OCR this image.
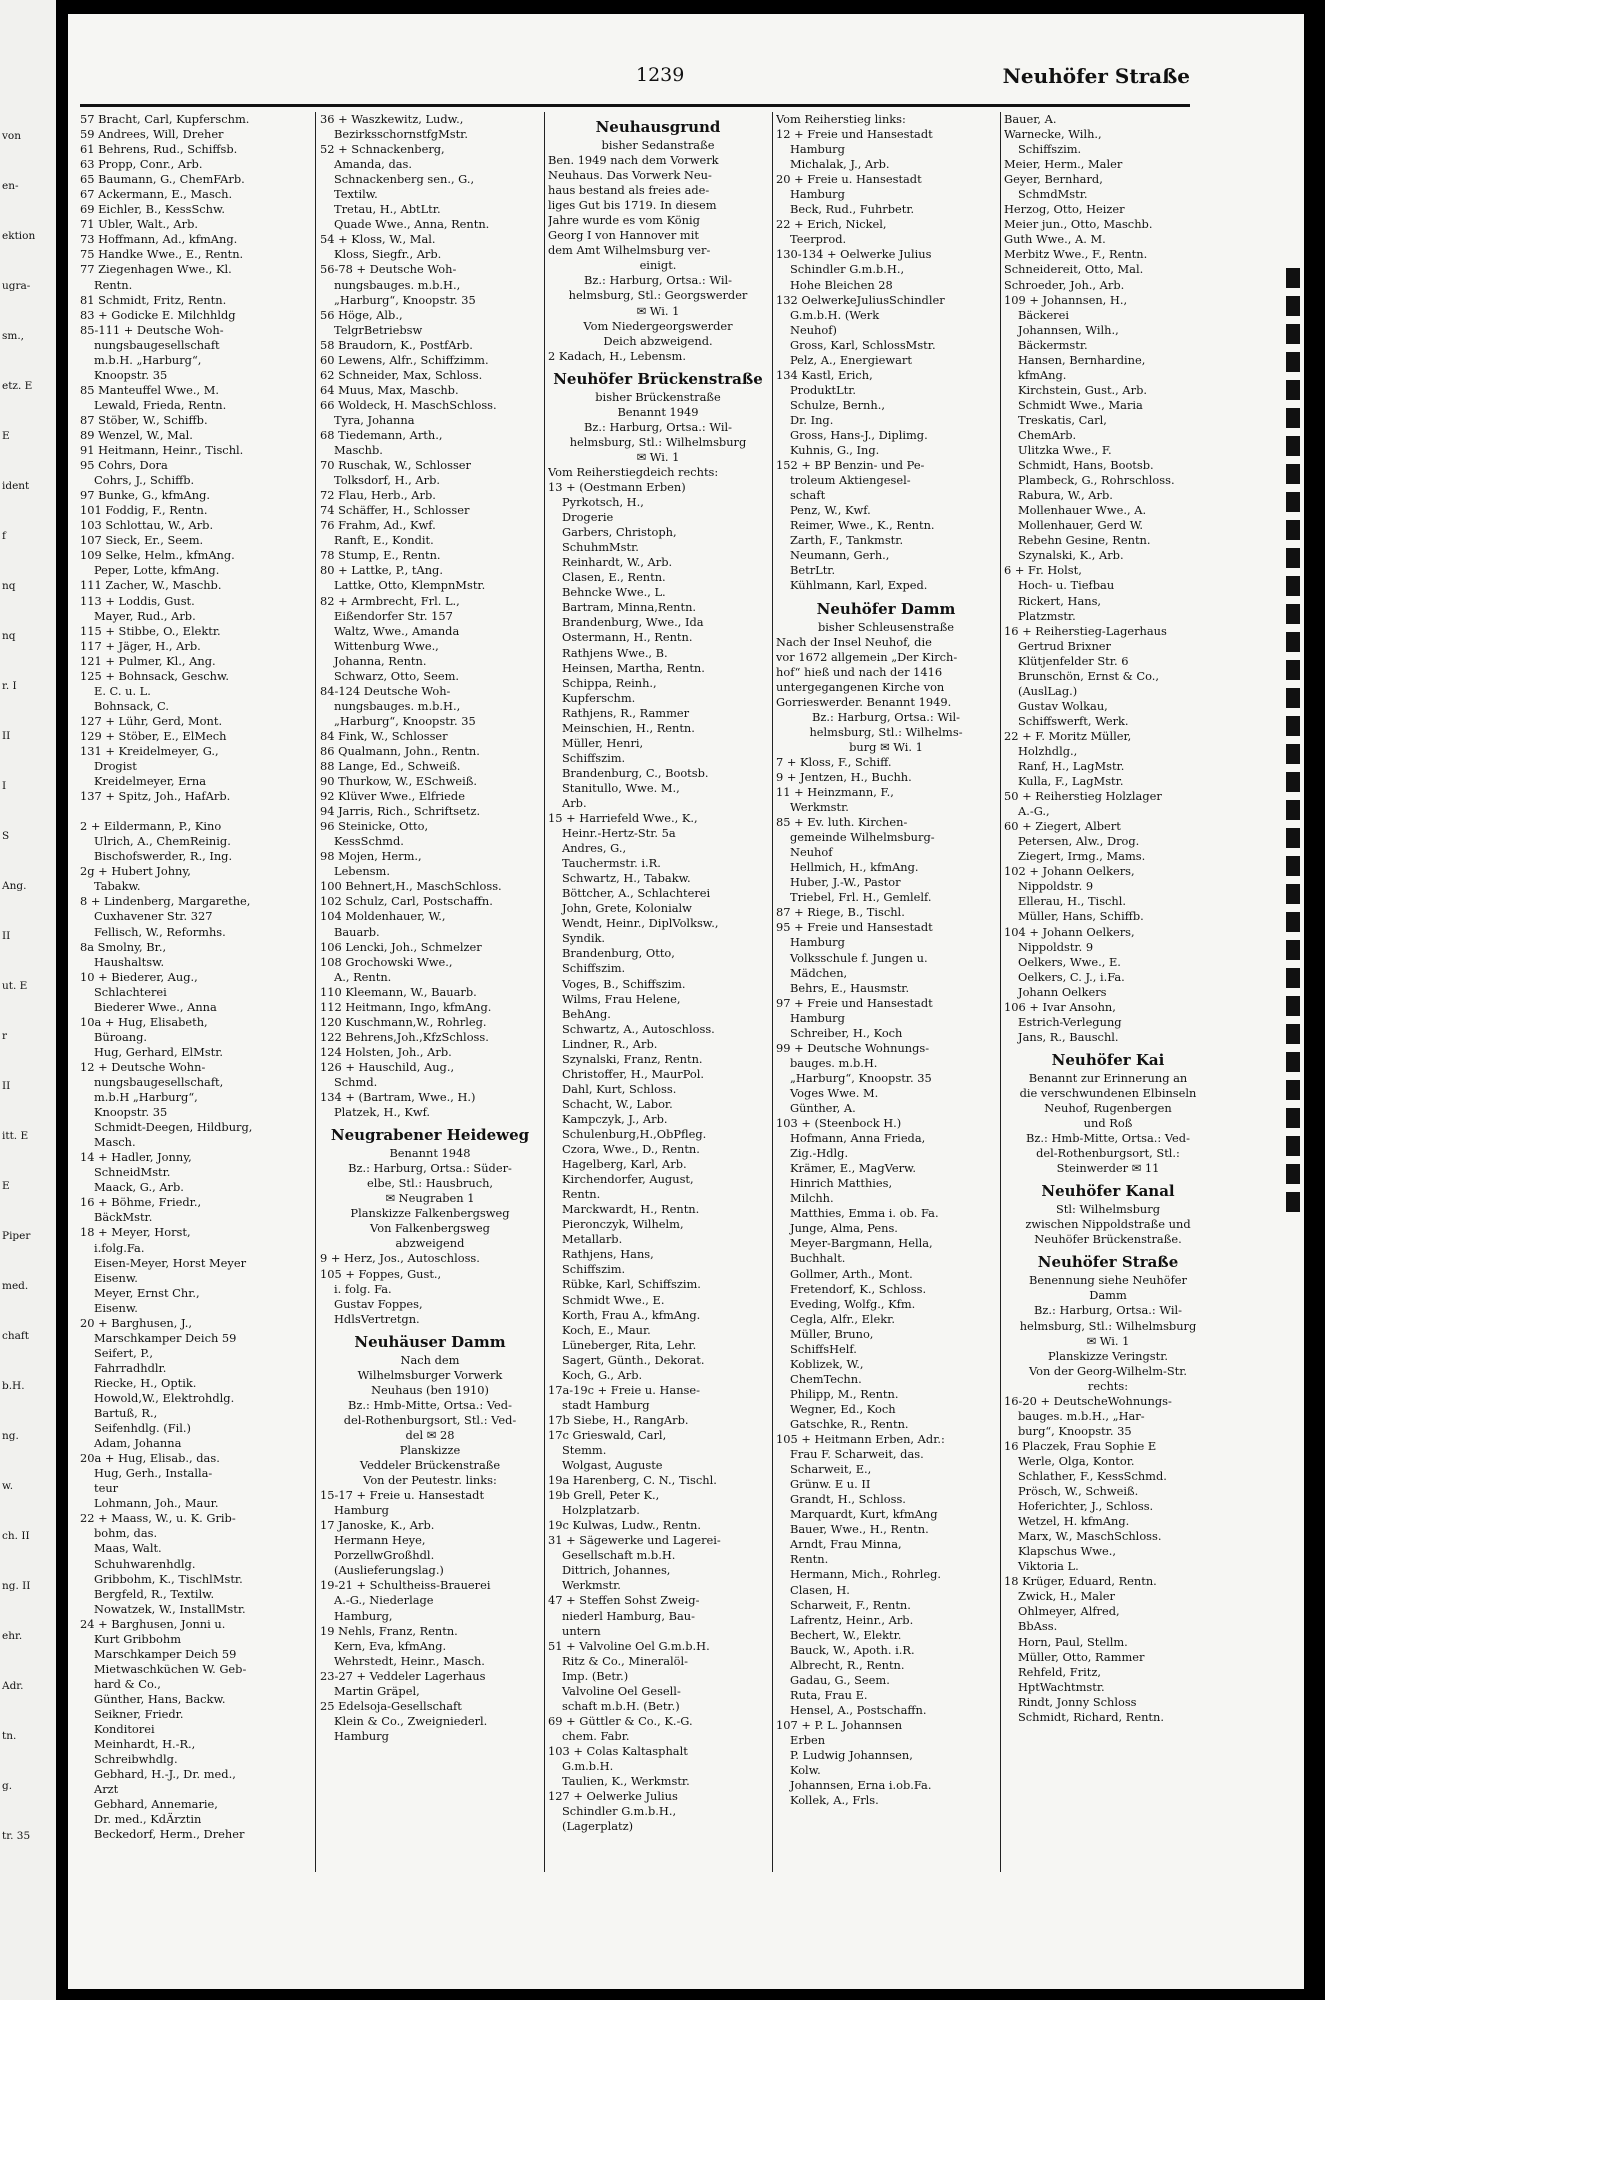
von
en-
ektion
ugra-
sm.,
etz. E
E
ident
f
nq
nq
r. I
II
I
S
Ang.
II
ut. E
r
II
itt. E
E
Piper
med.
chaft
b.H.
ng.
w.
ch. II
ng. II
ehr.
Adr.
tn.
g.
tr. 35
1239	Neuhöfer Straße
57 Bracht, Carl, Kupferschm.
59 Andrees, Will, Dreher
61 Behrens, Rud., Schiffsb.
63 Propp, Conr., Arb.
65 Baumann, G., ChemFArb.
67 Ackermann, E., Masch.
69 Eichler, B., KessSchw.
71 Ubler, Walt., Arb.
73 Hoffmann, Ad., kfmAng.
75 Handke Wwe., E., Rentn.
77 Ziegenhagen Wwe., Kl.
Rentn.
81 Schmidt, Fritz, Rentn.
83 + Godicke E. Milchhldg
85-111 + Deutsche Woh-
nungsbaugesellschaft
m.b.H. „Harburg“,
Knoopstr. 35
85 Manteuffel Wwe., M.
Lewald, Frieda, Rentn.
87 Stöber, W., Schiffb.
89 Wenzel, W., Mal.
91 Heitmann, Heinr., Tischl.
95 Cohrs, Dora
Cohrs, J., Schiffb.
97 Bunke, G., kfmAng.
101 Foddig, F., Rentn.
103 Schlottau, W., Arb.
107 Sieck, Er., Seem.
109 Selke, Helm., kfmAng.
Peper, Lotte, kfmAng.
111 Zacher, W., Maschb.
113 + Loddis, Gust.
Mayer, Rud., Arb.
115 + Stibbe, O., Elektr.
117 + Jäger, H., Arb.
121 + Pulmer, Kl., Ang.
125 + Bohnsack, Geschw.
E. C. u. L.
Bohnsack, C.
127 + Lühr, Gerd, Mont.
129 + Stöber, E., ElMech
131 + Kreidelmeyer, G.,
Drogist
Kreidelmeyer, Erna
137 + Spitz, Joh., HafArb.

2 + Eildermann, P., Kino
Ulrich, A., ChemReinig.
Bischofswerder, R., Ing.
2g + Hubert Johny,
Tabakw.
8 + Lindenberg, Margarethe,
Cuxhavener Str. 327
Fellisch, W., Reformhs.
8a Smolny, Br.,
Haushaltsw.
10 + Biederer, Aug.,
Schlachterei
Biederer Wwe., Anna
10a + Hug, Elisabeth,
Büroang.
Hug, Gerhard, ElMstr.
12 + Deutsche Wohn-
nungsbaugesellschaft,
m.b.H „Harburg“,
Knoopstr. 35
Schmidt-Deegen, Hildburg,
Masch.
14 + Hadler, Jonny,
SchneidMstr.
Maack, G., Arb.
16 + Böhme, Friedr.,
BäckMstr.
18 + Meyer, Horst,
i.folg.Fa.
Eisen-Meyer, Horst Meyer
Eisenw.
Meyer, Ernst Chr.,
Eisenw.
20 + Barghusen, J.,
Marschkamper Deich 59
Seifert, P.,
Fahrradhdlr.
Riecke, H., Optik.
Howold,W., Elektrohdlg.
Bartuß, R.,
Seifenhdlg. (Fil.)
Adam, Johanna
20a + Hug, Elisab., das.
Hug, Gerh., Installa-
teur
Lohmann, Joh., Maur.
22 + Maass, W., u. K. Grib-
bohm, das.
Maas, Walt.
Schuhwarenhdlg.
Gribbohm, K., TischlMstr.
Bergfeld, R., Textilw.
Nowatzek, W., InstallMstr.
24 + Barghusen, Jonni u.
Kurt Gribbohm
Marschkamper Deich 59
Mietwaschküchen W. Geb-
hard & Co.,
Günther, Hans, Backw.
Seikner, Friedr.
Konditorei
Meinhardt, H.-R.,
Schreibwhdlg.
Gebhard, H.-J., Dr. med.,
Arzt
Gebhard, Annemarie,
Dr. med., KdÄrztin
Beckedorf, Herm., Dreher
36 + Waszkewitz, Ludw.,
BezirksschornstfgMstr.
52 + Schnackenberg,
Amanda, das.
Schnackenberg sen., G.,
Textilw.
Tretau, H., AbtLtr.
Quade Wwe., Anna, Rentn.
54 + Kloss, W., Mal.
Kloss, Siegfr., Arb.
56-78 + Deutsche Woh-
nungsbauges. m.b.H.,
„Harburg“, Knoopstr. 35
56 Höge, Alb.,
TelgrBetriebsw
58 Braudorn, K., PostfArb.
60 Lewens, Alfr., Schiffzimm.
62 Schneider, Max, Schloss.
64 Muus, Max, Maschb.
66 Woldeck, H. MaschSchloss.
Tyra, Johanna
68 Tiedemann, Arth.,
Maschb.
70 Ruschak, W., Schlosser
Tolksdorf, H., Arb.
72 Flau, Herb., Arb.
74 Schäffer, H., Schlosser
76 Frahm, Ad., Kwf.
Ranft, E., Kondit.
78 Stump, E., Rentn.
80 + Lattke, P., tAng.
Lattke, Otto, KlempnMstr.
82 + Armbrecht, Frl. L.,
Eißendorfer Str. 157
Waltz, Wwe., Amanda
Wittenburg Wwe.,
Johanna, Rentn.
Schwarz, Otto, Seem.
84-124 Deutsche Woh-
nungsbauges. m.b.H.,
„Harburg“, Knoopstr. 35
84 Fink, W., Schlosser
86 Qualmann, John., Rentn.
88 Lange, Ed., Schweiß.
90 Thurkow, W., ESchweiß.
92 Klüver Wwe., Elfriede
94 Jarris, Rich., Schriftsetz.
96 Steinicke, Otto,
KessSchmd.
98 Mojen, Herm.,
Lebensm.
100 Behnert,H., MaschSchloss.
102 Schulz, Carl, Postschaffn.
104 Moldenhauer, W.,
Bauarb.
106 Lencki, Joh., Schmelzer
108 Grochowski Wwe.,
A., Rentn.
110 Kleemann, W., Bauarb.
112 Heitmann, Ingo, kfmAng.
120 Kuschmann,W., Rohrleg.
122 Behrens,Joh.,KfzSchloss.
124 Holsten, Joh., Arb.
126 + Hauschild, Aug.,
Schmd.
134 + (Bartram, Wwe., H.)
Platzek, H., Kwf.
Neugrabener Heideweg
Benannt 1948
Bz.: Harburg, Ortsa.: Süder-
elbe, Stl.: Hausbruch,
✉ Neugraben 1
Planskizze Falkenbergsweg
Von Falkenbergsweg
abzweigend
9 + Herz, Jos., Autoschloss.
105 + Foppes, Gust.,
i. folg. Fa.
Gustav Foppes,
HdlsVertretgn.
Neuhäuser Damm
Nach dem
Wilhelmsburger Vorwerk
Neuhaus (ben 1910)
Bz.: Hmb-Mitte, Ortsa.: Ved-
del-Rothenburgsort, Stl.: Ved-
del ✉ 28
Planskizze
Veddeler Brückenstraße
Von der Peutestr. links:
15-17 + Freie u. Hansestadt
Hamburg
17 Janoske, K., Arb.
Hermann Heye,
PorzellwGroßhdl.
(Auslieferungslag.)
19-21 + Schultheiss-Brauerei
A.-G., Niederlage
Hamburg,
19 Nehls, Franz, Rentn.
Kern, Eva, kfmAng.
Wehrstedt, Heinr., Masch.
23-27 + Veddeler Lagerhaus
Martin Gräpel,
25 Edelsoja-Gesellschaft
Klein & Co., Zweigniederl.
Hamburg
Neuhausgrund
bisher Sedanstraße
Ben. 1949 nach dem Vorwerk
Neuhaus. Das Vorwerk Neu-
haus bestand als freies ade-
liges Gut bis 1719. In diesem
Jahre wurde es vom König
Georg I von Hannover mit
dem Amt Wilhelmsburg ver-
einigt.
Bz.: Harburg, Ortsa.: Wil-
helmsburg, Stl.: Georgswerder
✉ Wi. 1
Vom Niedergeorgswerder
Deich abzweigend.
2 Kadach, H., Lebensm.
Neuhöfer Brückenstraße
bisher Brückenstraße
Benannt 1949
Bz.: Harburg, Ortsa.: Wil-
helmsburg, Stl.: Wilhelmsburg
✉ Wi. 1
Vom Reiherstiegdeich rechts:
13 + (Oestmann Erben)
Pyrkotsch, H.,
Drogerie
Garbers, Christoph,
SchuhmMstr.
Reinhardt, W., Arb.
Clasen, E., Rentn.
Behncke Wwe., L.
Bartram, Minna,Rentn.
Brandenburg, Wwe., Ida
Ostermann, H., Rentn.
Rathjens Wwe., B.
Heinsen, Martha, Rentn.
Schippa, Reinh.,
Kupferschm.
Rathjens, R., Rammer
Meinschien, H., Rentn.
Müller, Henri,
Schiffszim.
Brandenburg, C., Bootsb.
Stanitullo, Wwe. M.,
Arb.
15 + Harriefeld Wwe., K.,
Heinr.-Hertz-Str. 5a
Andres, G.,
Tauchermstr. i.R.
Schwartz, H., Tabakw.
Böttcher, A., Schlachterei
John, Grete, Kolonialw
Wendt, Heinr., DiplVolksw.,
Syndik.
Brandenburg, Otto,
Schiffszim.
Voges, B., Schiffszim.
Wilms, Frau Helene,
BehAng.
Schwartz, A., Autoschloss.
Lindner, R., Arb.
Szynalski, Franz, Rentn.
Christoffer, H., MaurPol.
Dahl, Kurt, Schloss.
Schacht, W., Labor.
Kampczyk, J., Arb.
Schulenburg,H.,ObPfleg.
Czora, Wwe., D., Rentn.
Hagelberg, Karl, Arb.
Kirchendorfer, August,
Rentn.
Marckwardt, H., Rentn.
Pieronczyk, Wilhelm,
Metallarb.
Rathjens, Hans,
Schiffszim.
Rübke, Karl, Schiffszim.
Schmidt Wwe., E.
Korth, Frau A., kfmAng.
Koch, E., Maur.
Lüneberger, Rita, Lehr.
Sagert, Günth., Dekorat.
Koch, G., Arb.
17a-19c + Freie u. Hanse-
stadt Hamburg
17b Siebe, H., RangArb.
17c Grieswald, Carl,
Stemm.
Wolgast, Auguste
19a Harenberg, C. N., Tischl.
19b Grell, Peter K.,
Holzplatzarb.
19c Kulwas, Ludw., Rentn.
31 + Sägewerke und Lagerei-
Gesellschaft m.b.H.
Dittrich, Johannes,
Werkmstr.
47 + Steffen Sohst Zweig-
niederl Hamburg, Bau-
untern
51 + Valvoline Oel G.m.b.H.
Ritz & Co., Mineralöl-
Imp. (Betr.)
Valvoline Oel Gesell-
schaft m.b.H. (Betr.)
69 + Güttler & Co., K.-G.
chem. Fabr.
103 + Colas Kaltasphalt
G.m.b.H.
Taulien, K., Werkmstr.
127 + Oelwerke Julius
Schindler G.m.b.H.,
(Lagerplatz)
Vom Reiherstieg links:
12 + Freie und Hansestadt
Hamburg
Michalak, J., Arb.
20 + Freie u. Hansestadt
Hamburg
Beck, Rud., Fuhrbetr.
22 + Erich, Nickel,
Teerprod.
130-134 + Oelwerke Julius
Schindler G.m.b.H.,
Hohe Bleichen 28
132 OelwerkeJuliusSchindler
G.m.b.H. (Werk
Neuhof)
Gross, Karl, SchlossMstr.
Pelz, A., Energiewart
134 Kastl, Erich,
ProduktLtr.
Schulze, Bernh.,
Dr. Ing.
Gross, Hans-J., Diplimg.
Kuhnis, G., Ing.
152 + BP Benzin- und Pe-
troleum Aktiengesel-
schaft
Penz, W., Kwf.
Reimer, Wwe., K., Rentn.
Zarth, F., Tankmstr.
Neumann, Gerh.,
BetrLtr.
Kühlmann, Karl, Exped.
Neuhöfer Damm
bisher Schleusenstraße
Nach der Insel Neuhof, die
vor 1672 allgemein „Der Kirch-
hof“ hieß und nach der 1416
untergegangenen Kirche von
Gorrieswerder. Benannt 1949.
Bz.: Harburg, Ortsa.: Wil-
helmsburg, Stl.: Wilhelms-
burg ✉ Wi. 1
7 + Kloss, F., Schiff.
9 + Jentzen, H., Buchh.
11 + Heinzmann, F.,
Werkmstr.
85 + Ev. luth. Kirchen-
gemeinde Wilhelmsburg-
Neuhof
Hellmich, H., kfmAng.
Huber, J.-W., Pastor
Triebel, Frl. H., Gemlelf.
87 + Riege, B., Tischl.
95 + Freie und Hansestadt
Hamburg
Volksschule f. Jungen u.
Mädchen,
Behrs, E., Hausmstr.
97 + Freie und Hansestadt
Hamburg
Schreiber, H., Koch
99 + Deutsche Wohnungs-
bauges. m.b.H.
„Harburg“, Knoopstr. 35
Voges Wwe. M.
Günther, A.
103 + (Steenbock H.)
Hofmann, Anna Frieda,
Zig.-Hdlg.
Krämer, E., MagVerw.
Hinrich Matthies,
Milchh.
Matthies, Emma i. ob. Fa.
Junge, Alma, Pens.
Meyer-Bargmann, Hella,
Buchhalt.
Gollmer, Arth., Mont.
Fretendorf, K., Schloss.
Eveding, Wolfg., Kfm.
Cegla, Alfr., Elekr.
Müller, Bruno,
SchiffsHelf.
Koblizek, W.,
ChemTechn.
Philipp, M., Rentn.
Wegner, Ed., Koch
Gatschke, R., Rentn.
105 + Heitmann Erben, Adr.:
Frau F. Scharweit, das.
Scharweit, E.,
Grünw. E u. II
Grandt, H., Schloss.
Marquardt, Kurt, kfmAng
Bauer, Wwe., H., Rentn.
Arndt, Frau Minna,
Rentn.
Hermann, Mich., Rohrleg.
Clasen, H.
Scharweit, F., Rentn.
Lafrentz, Heinr., Arb.
Bechert, W., Elektr.
Bauck, W., Apoth. i.R.
Albrecht, R., Rentn.
Gadau, G., Seem.
Ruta, Frau E.
Hensel, A., Postschaffn.
107 + P. L. Johannsen
Erben
P. Ludwig Johannsen,
Kolw.
Johannsen, Erna i.ob.Fa.
Kollek, A., Frls.
Bauer, A.
Warnecke, Wilh.,
Schiffszim.
Meier, Herm., Maler
Geyer, Bernhard,
SchmdMstr.
Herzog, Otto, Heizer
Meier jun., Otto, Maschb.
Guth Wwe., A. M.
Merbitz Wwe., F., Rentn.
Schneidereit, Otto, Mal.
Schroeder, Joh., Arb.
109 + Johannsen, H.,
Bäckerei
Johannsen, Wilh.,
Bäckermstr.
Hansen, Bernhardine,
kfmAng.
Kirchstein, Gust., Arb.
Schmidt Wwe., Maria
Treskatis, Carl,
ChemArb.
Ulitzka Wwe., F.
Schmidt, Hans, Bootsb.
Plambeck, G., Rohrschloss.
Rabura, W., Arb.
Mollenhauer Wwe., A.
Mollenhauer, Gerd W.
Rebehn Gesine, Rentn.
Szynalski, K., Arb.
6 + Fr. Holst,
Hoch- u. Tiefbau
Rickert, Hans,
Platzmstr.
16 + Reiherstieg-Lagerhaus
Gertrud Brixner
Klütjenfelder Str. 6
Brunschön, Ernst & Co.,
(AuslLag.)
Gustav Wolkau,
Schiffswerft, Werk.
22 + F. Moritz Müller,
Holzhdlg.,
Ranf, H., LagMstr.
Kulla, F., LagMstr.
50 + Reiherstieg Holzlager
A.-G.,
60 + Ziegert, Albert
Petersen, Alw., Drog.
Ziegert, Irmg., Mams.
102 + Johann Oelkers,
Nippoldstr. 9
Ellerau, H., Tischl.
Müller, Hans, Schiffb.
104 + Johann Oelkers,
Nippoldstr. 9
Oelkers, Wwe., E.
Oelkers, C. J., i.Fa.
Johann Oelkers
106 + Ivar Ansohn,
Estrich-Verlegung
Jans, R., Bauschl.
Neuhöfer Kai
Benannt zur Erinnerung an
die verschwundenen Elbinseln
Neuhof, Rugenbergen
und Roß
Bz.: Hmb-Mitte, Ortsa.: Ved-
del-Rothenburgsort, Stl.:
Steinwerder ✉ 11
Neuhöfer Kanal
Stl: Wilhelmsburg
zwischen Nippoldstraße und
Neuhöfer Brückenstraße.
Neuhöfer Straße
Benennung siehe Neuhöfer
Damm
Bz.: Harburg, Ortsa.: Wil-
helmsburg, Stl.: Wilhelmsburg
✉ Wi. 1
Planskizze Veringstr.
Von der Georg-Wilhelm-Str.
rechts:
16-20 + DeutscheWohnungs-
bauges. m.b.H., „Har-
burg“, Knoopstr. 35
16 Placzek, Frau Sophie E
Werle, Olga, Kontor.
Schlather, F., KessSchmd.
Prösch, W., Schweiß.
Hoferichter, J., Schloss.
Wetzel, H. kfmAng.
Marx, W., MaschSchloss.
Klapschus Wwe.,
Viktoria L.
18 Krüger, Eduard, Rentn.
Zwick, H., Maler
Ohlmeyer, Alfred,
BbAss.
Horn, Paul, Stellm.
Müller, Otto, Rammer
Rehfeld, Fritz,
HptWachtmstr.
Rindt, Jonny Schloss
Schmidt, Richard, Rentn.
